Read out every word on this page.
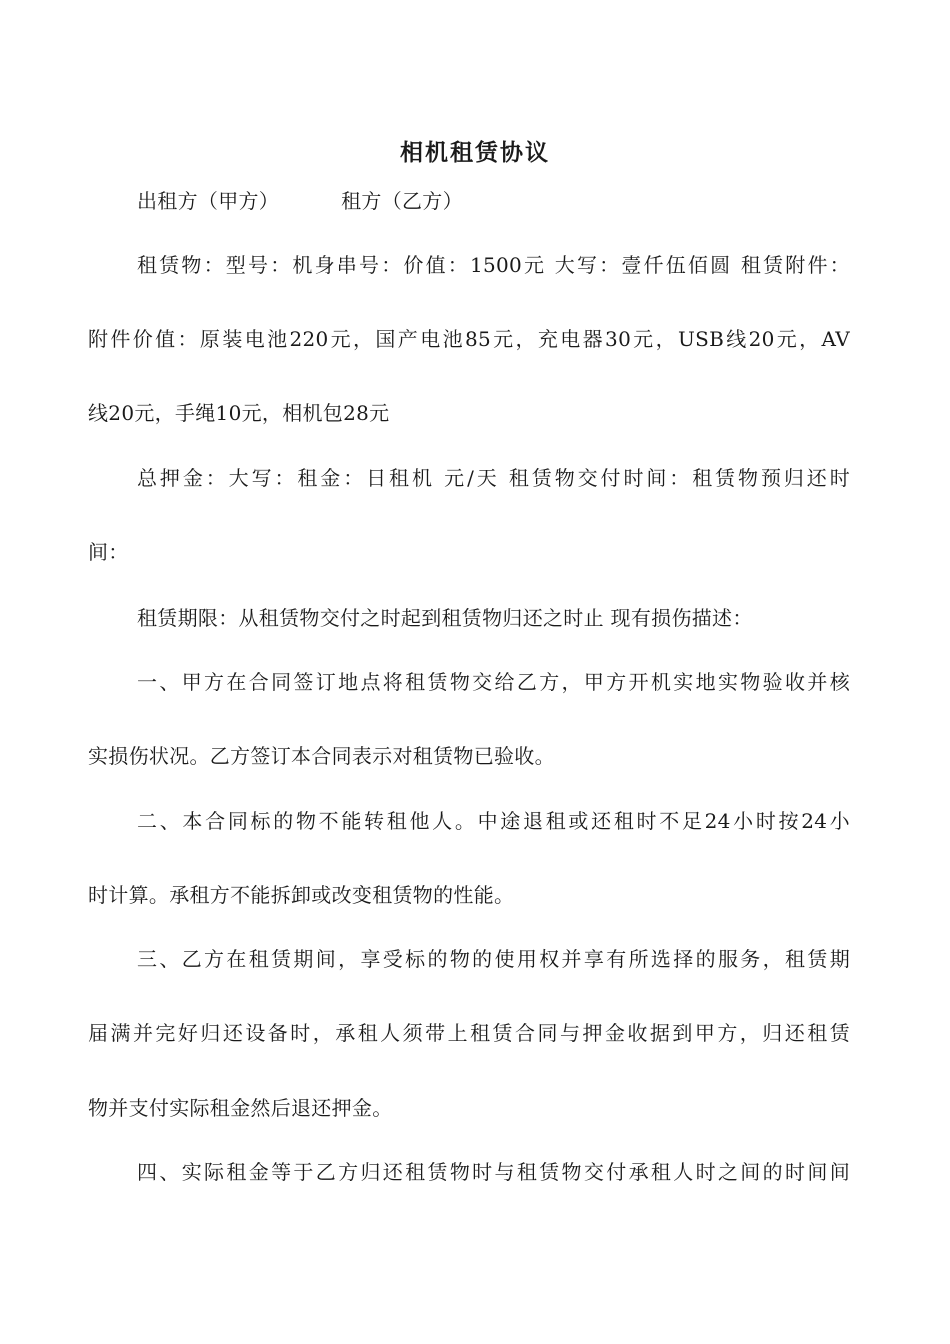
相机租赁协议
出租方（甲方）	租方（乙方）
租赁物：型号：机身串号：价值：1500元 大写：壹仟伍佰圆 租赁附件：
附件价值：原装电池220元，国产电池85元，充电器30元，USB线20元，AV
线20元，手绳10元，相机包28元
总押金：大写：租金：日租机 元/天 租赁物交付时间：租赁物预归还时
间：
租赁期限：从租赁物交付之时起到租赁物归还之时止 现有损伤描述：
一、甲方在合同签订地点将租赁物交给乙方，甲方开机实地实物验收并核
实损伤状况。乙方签订本合同表示对租赁物已验收。
二、本合同标的物不能转租他人。中途退租或还租时不足24小时按24小
时计算。承租方不能拆卸或改变租赁物的性能。
三、乙方在租赁期间，享受标的物的使用权并享有所选择的服务，租赁期
届满并完好归还设备时，承租人须带上租赁合同与押金收据到甲方，归还租赁
物并支付实际租金然后退还押金。
四、实际租金等于乙方归还租赁物时与租赁物交付承租人时之间的时间间
